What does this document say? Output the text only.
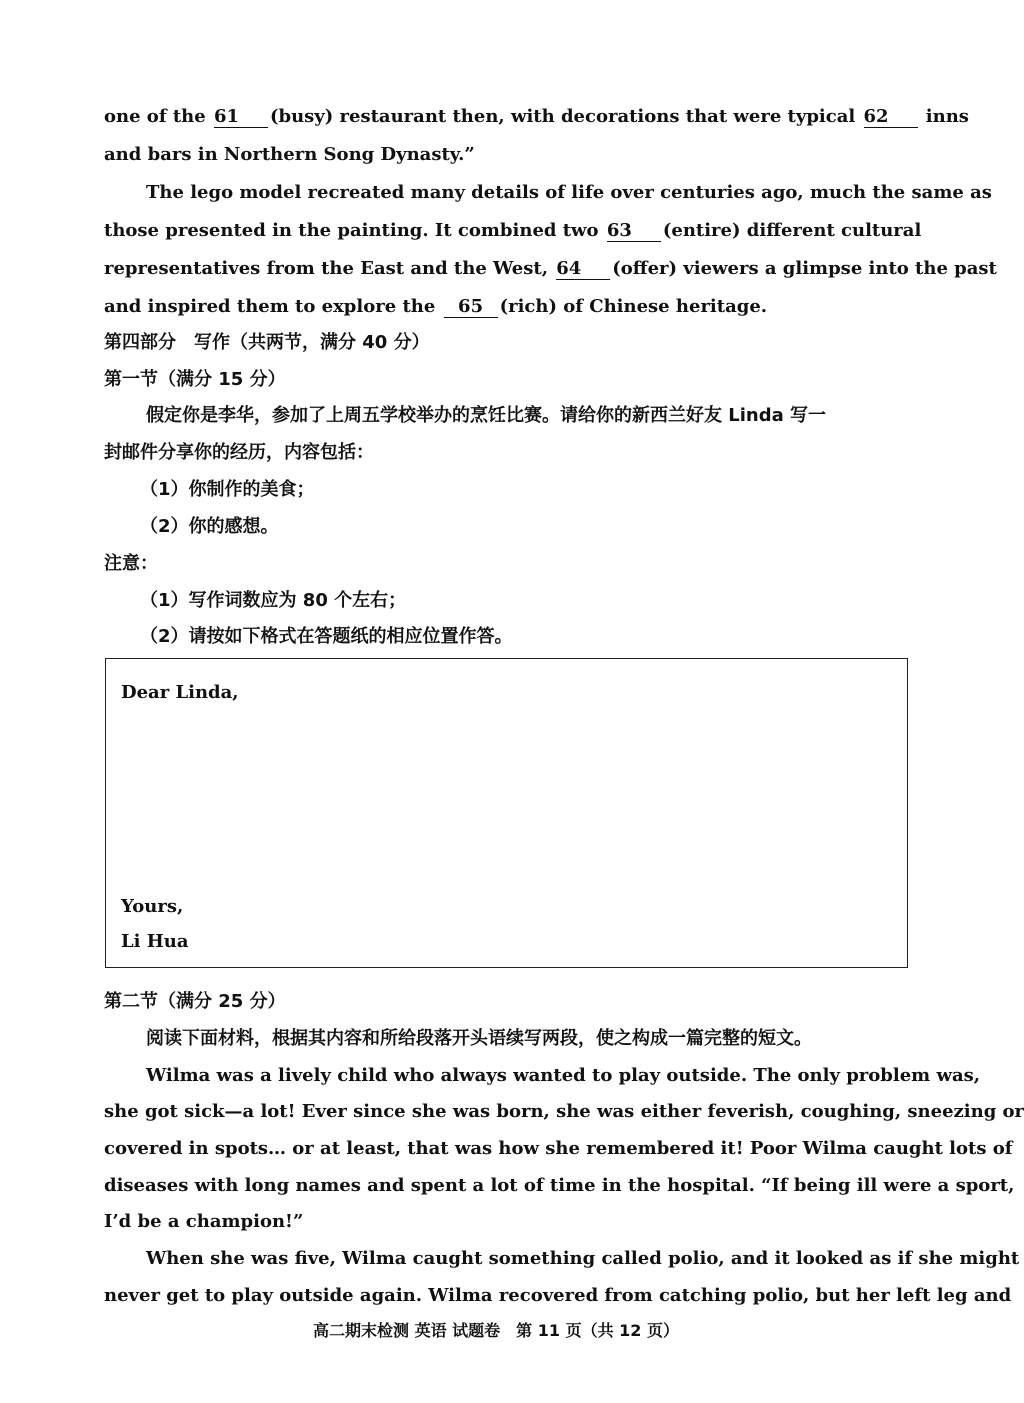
one of the 61 (busy) restaurant then, with decorations that were typical 62 inns
and bars in Northern Song Dynasty.”
The lego model recreated many details of life over centuries ago, much the same as
those presented in the painting. It combined two 63 (entire) different cultural
representatives from the East and the West, 64 (offer) viewers a glimpse into the past
and inspired them to explore the 65 (rich) of Chinese heritage.
第四部分　写作（共两节，满分 40 分）
第一节（满分 15 分）
假定你是李华，参加了上周五学校举办的烹饪比赛。请给你的新西兰好友 Linda 写一
封邮件分享你的经历，内容包括：
（1）你制作的美食；
（2）你的感想。
注意：
（1）写作词数应为 80 个左右；
（2）请按如下格式在答题纸的相应位置作答。
Dear Linda,
Yours,
Li Hua
第二节（满分 25 分）
阅读下面材料，根据其内容和所给段落开头语续写两段，使之构成一篇完整的短文。
Wilma was a lively child who always wanted to play outside. The only problem was,
she got sick—a lot! Ever since she was born, she was either feverish, coughing, sneezing or
covered in spots… or at least, that was how she remembered it! Poor Wilma caught lots of
diseases with long names and spent a lot of time in the hospital. “If being ill were a sport,
I’d be a champion!”
When she was five, Wilma caught something called polio, and it looked as if she might
never get to play outside again. Wilma recovered from catching polio, but her left leg and
高二期末检测 英语 试题卷　第 11 页（共 12 页）
